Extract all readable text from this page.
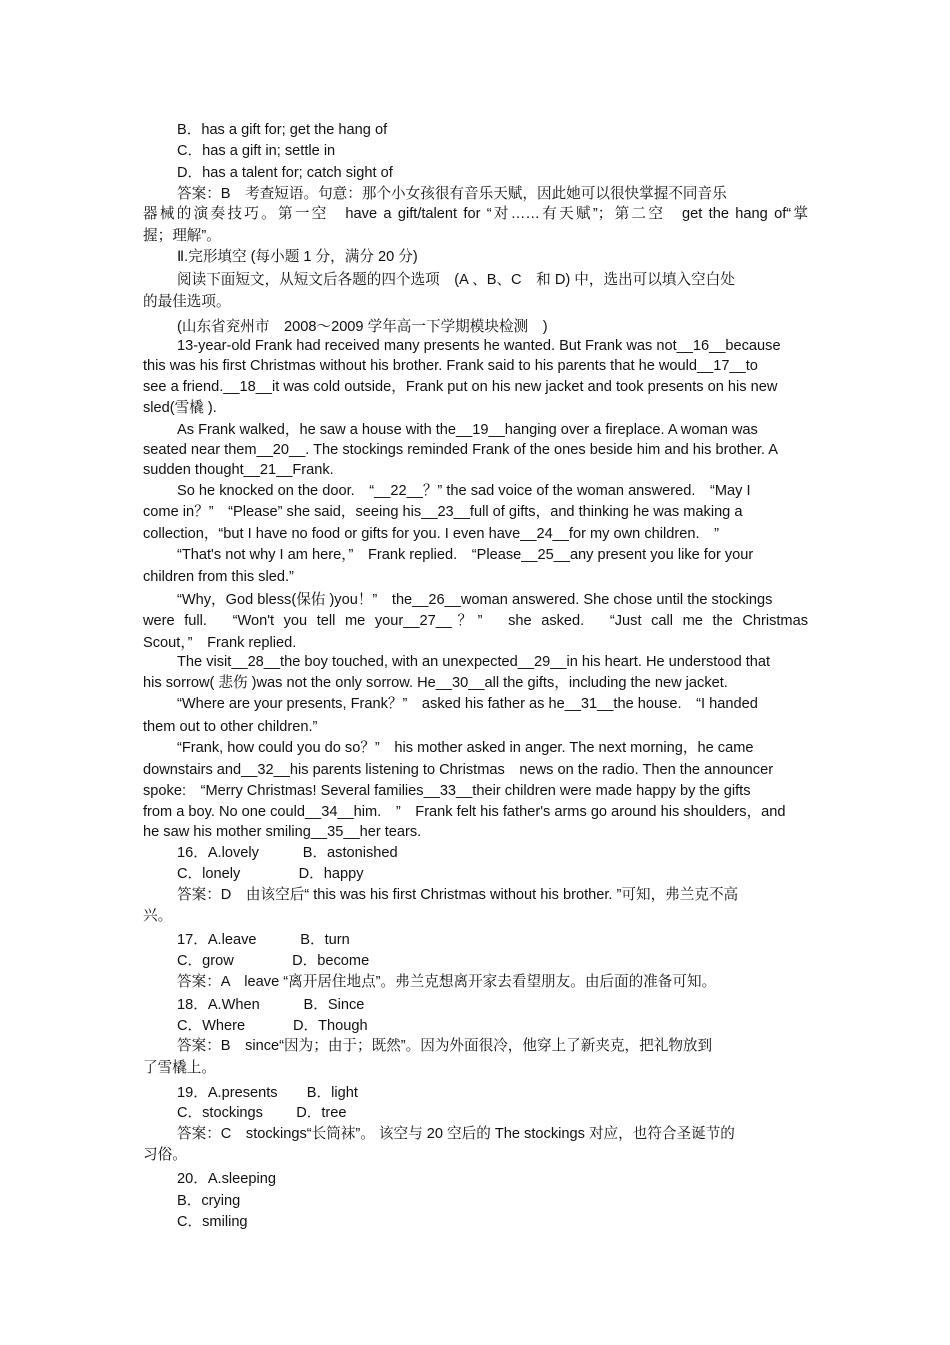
B．has a gift for; get the hang of
C．has a gift in; settle in
D．has a talent for; catch sight of
答案：B　考查短语。句意：那个小女孩很有音乐天赋，因此她可以很快掌握不同音乐
器械的演奏技巧。第一空　have a gift/talent for “对……有天赋”；第二空　get the hang of“掌
握；理解”。
Ⅱ.完形填空 (每小题 1 分，满分 20 分)
阅读下面短文，从短文后各题的四个选项　(A 、B、C　和 D) 中，选出可以填入空白处
的最佳选项。
(山东省兖州市　2008～2009 学年高一下学期模块检测　)
13-year-old Frank had received many presents he wanted. But Frank was not__16__because
this was his first Christmas without his brother. Frank said to his parents that he would__17__to
see a friend.__18__it was cold outside，Frank put on his new jacket and took presents on his new
sled(雪橇 ).
As Frank walked，he saw a house with the__19__hanging over a fireplace. A woman was
seated near them__20__. The stockings reminded Frank of the ones beside him and his brother. A
sudden thought__21__Frank.
So he knocked on the door.　“__22__？” the sad voice of the woman answered.　“May I
come in？”　“Please” she said，seeing his__23__full of gifts，and thinking he was making a
collection，“but I have no food or gifts for you. I even have__24__for my own children.　”
“That's not why I am here，”　Frank replied.　“Please__25__any present you like for your
children from this sled.”
“Why，God bless(保佑 )you！”　the__26__woman answered. She chose until the stockings
were full.　“Won't you tell me your__27__？”　she asked.　“Just call me the Christmas
Scout，”　Frank replied.
The visit__28__the boy touched, with an unexpected__29__in his heart. He understood that
his sorrow( 悲伤 )was not the only sorrow. He__30__all the gifts，including the new jacket.
“Where are your presents, Frank？”　asked his father as he__31__the house.　“I handed
them out to other children.”
“Frank, how could you do so？”　his mother asked in anger. The next morning，he came
downstairs and__32__his parents listening to Christmas　news on the radio. Then the announcer
spoke:　“Merry Christmas! Several families__33__their children were made happy by the gifts
from a boy. No one could__34__him.　”　Frank felt his father's arms go around his shoulders，and
he saw his mother smiling__35__her tears.
16．A.lovely　　　B．astonished
C．lonely　　　　D．happy
答案：D　由该空后“ this was his first Christmas without his brother. ”可知，弗兰克不高
兴。
17．A.leave　　　B．turn
C．grow　　　　D．become
答案：A　leave “离开居住地点”。弗兰克想离开家去看望朋友。由后面的准备可知。
18．A.When　　　B．Since
C．Where　　　 D．Though
答案：B　since“因为；由于；既然”。因为外面很冷，他穿上了新夹克，把礼物放到
了雪橇上。
19．A.presents　　B．light
C．stockings　　 D．tree
答案：C　stockings“长筒袜”。 该空与 20 空后的 The stockings 对应，也符合圣诞节的
习俗。
20．A.sleeping
B．crying
C．smiling
